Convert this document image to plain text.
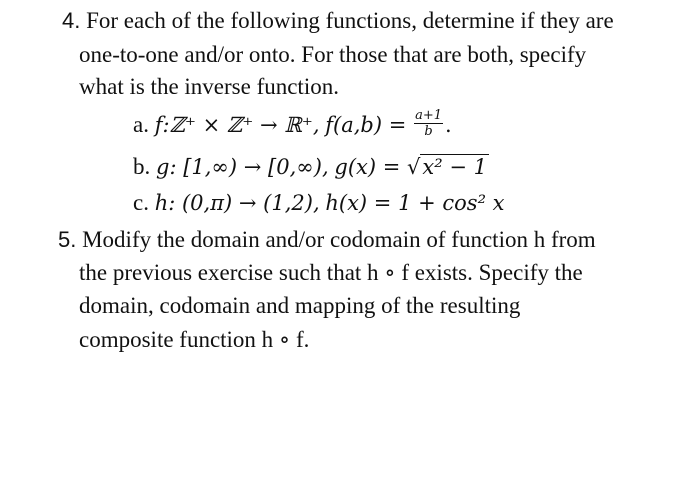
4. For each of the following functions, determine if they are
one-to-one and/or onto. For those that are both, specify
what is the inverse function.
a. f:ℤ⁺ × ℤ⁺ → ℝ⁺, $f(a,b) = \frac{a+1}{b}$ .
b. g: [1,∞) → [0,∞), g(x) = √x² − 1
c. h: (0,π) → (1,2), h(x) = 1 + cos² x
5. Modify the domain and/or codomain of function h from
the previous exercise such that h ∘ f exists. Specify the
domain, codomain and mapping of the resulting
composite function h ∘ f.
